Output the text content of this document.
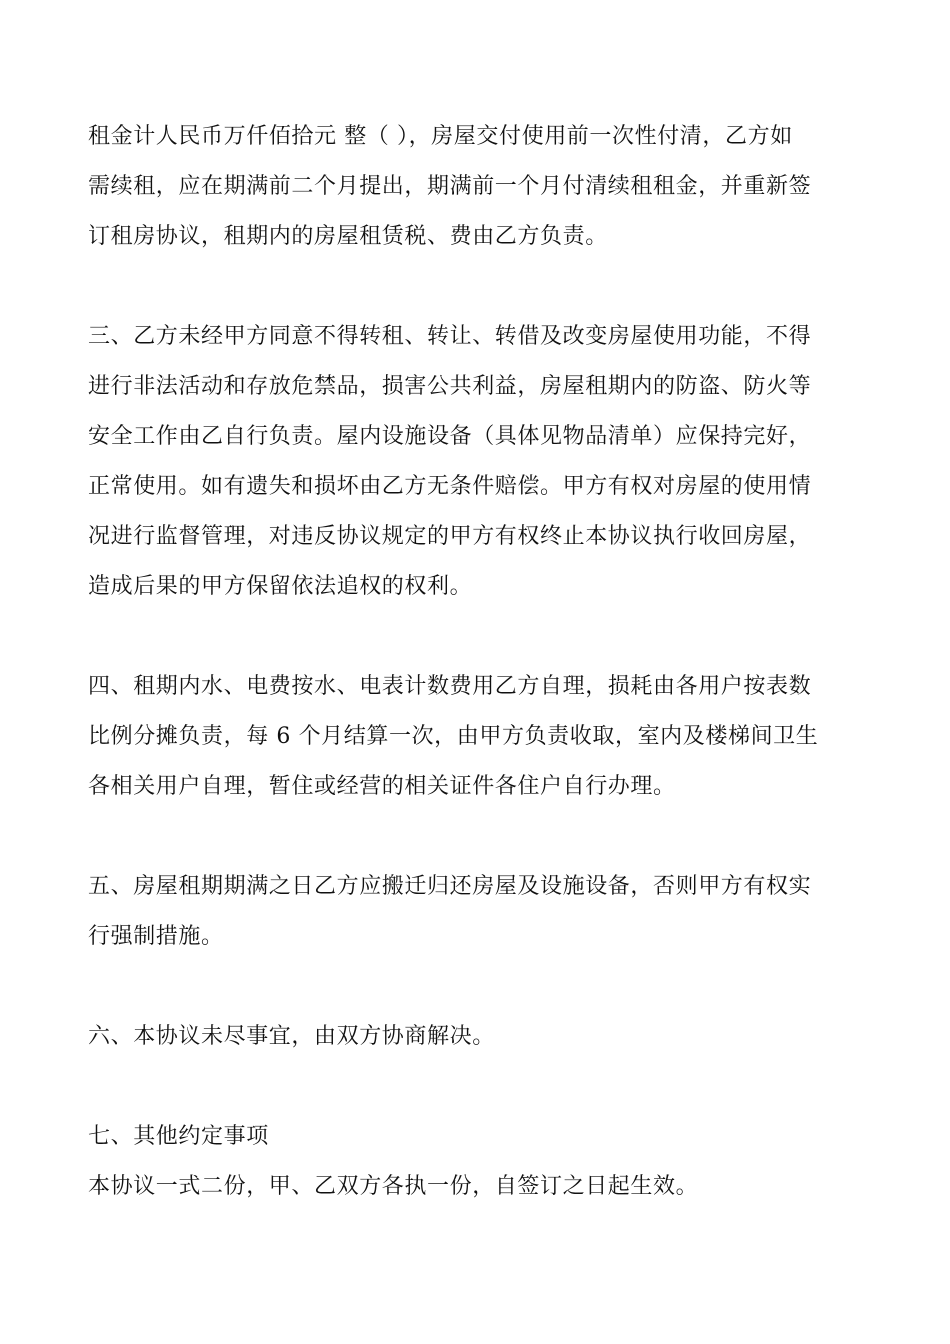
租金计人民币万仟佰拾元 整（ ），房屋交付使用前一次性付清，乙方如
需续租，应在期满前二个月提出，期满前一个月付清续租租金，并重新签
订租房协议，租期内的房屋租赁税、费由乙方负责。

三、乙方未经甲方同意不得转租、转让、转借及改变房屋使用功能，不得
进行非法活动和存放危禁品，损害公共利益，房屋租期内的防盗、防火等
安全工作由乙自行负责。屋内设施设备（具体见物品清单）应保持完好，
正常使用。如有遗失和损坏由乙方无条件赔偿。甲方有权对房屋的使用情
况进行监督管理，对违反协议规定的甲方有权终止本协议执行收回房屋，
造成后果的甲方保留依法追权的权利。

四、租期内水、电费按水、电表计数费用乙方自理，损耗由各用户按表数
比例分摊负责，每 6 个月结算一次，由甲方负责收取，室内及楼梯间卫生
各相关用户自理，暂住或经营的相关证件各住户自行办理。

五、房屋租期期满之日乙方应搬迁归还房屋及设施设备，否则甲方有权实
行强制措施。

六、本协议未尽事宜，由双方协商解决。

七、其他约定事项
本协议一式二份，甲、乙双方各执一份，自签订之日起生效。
